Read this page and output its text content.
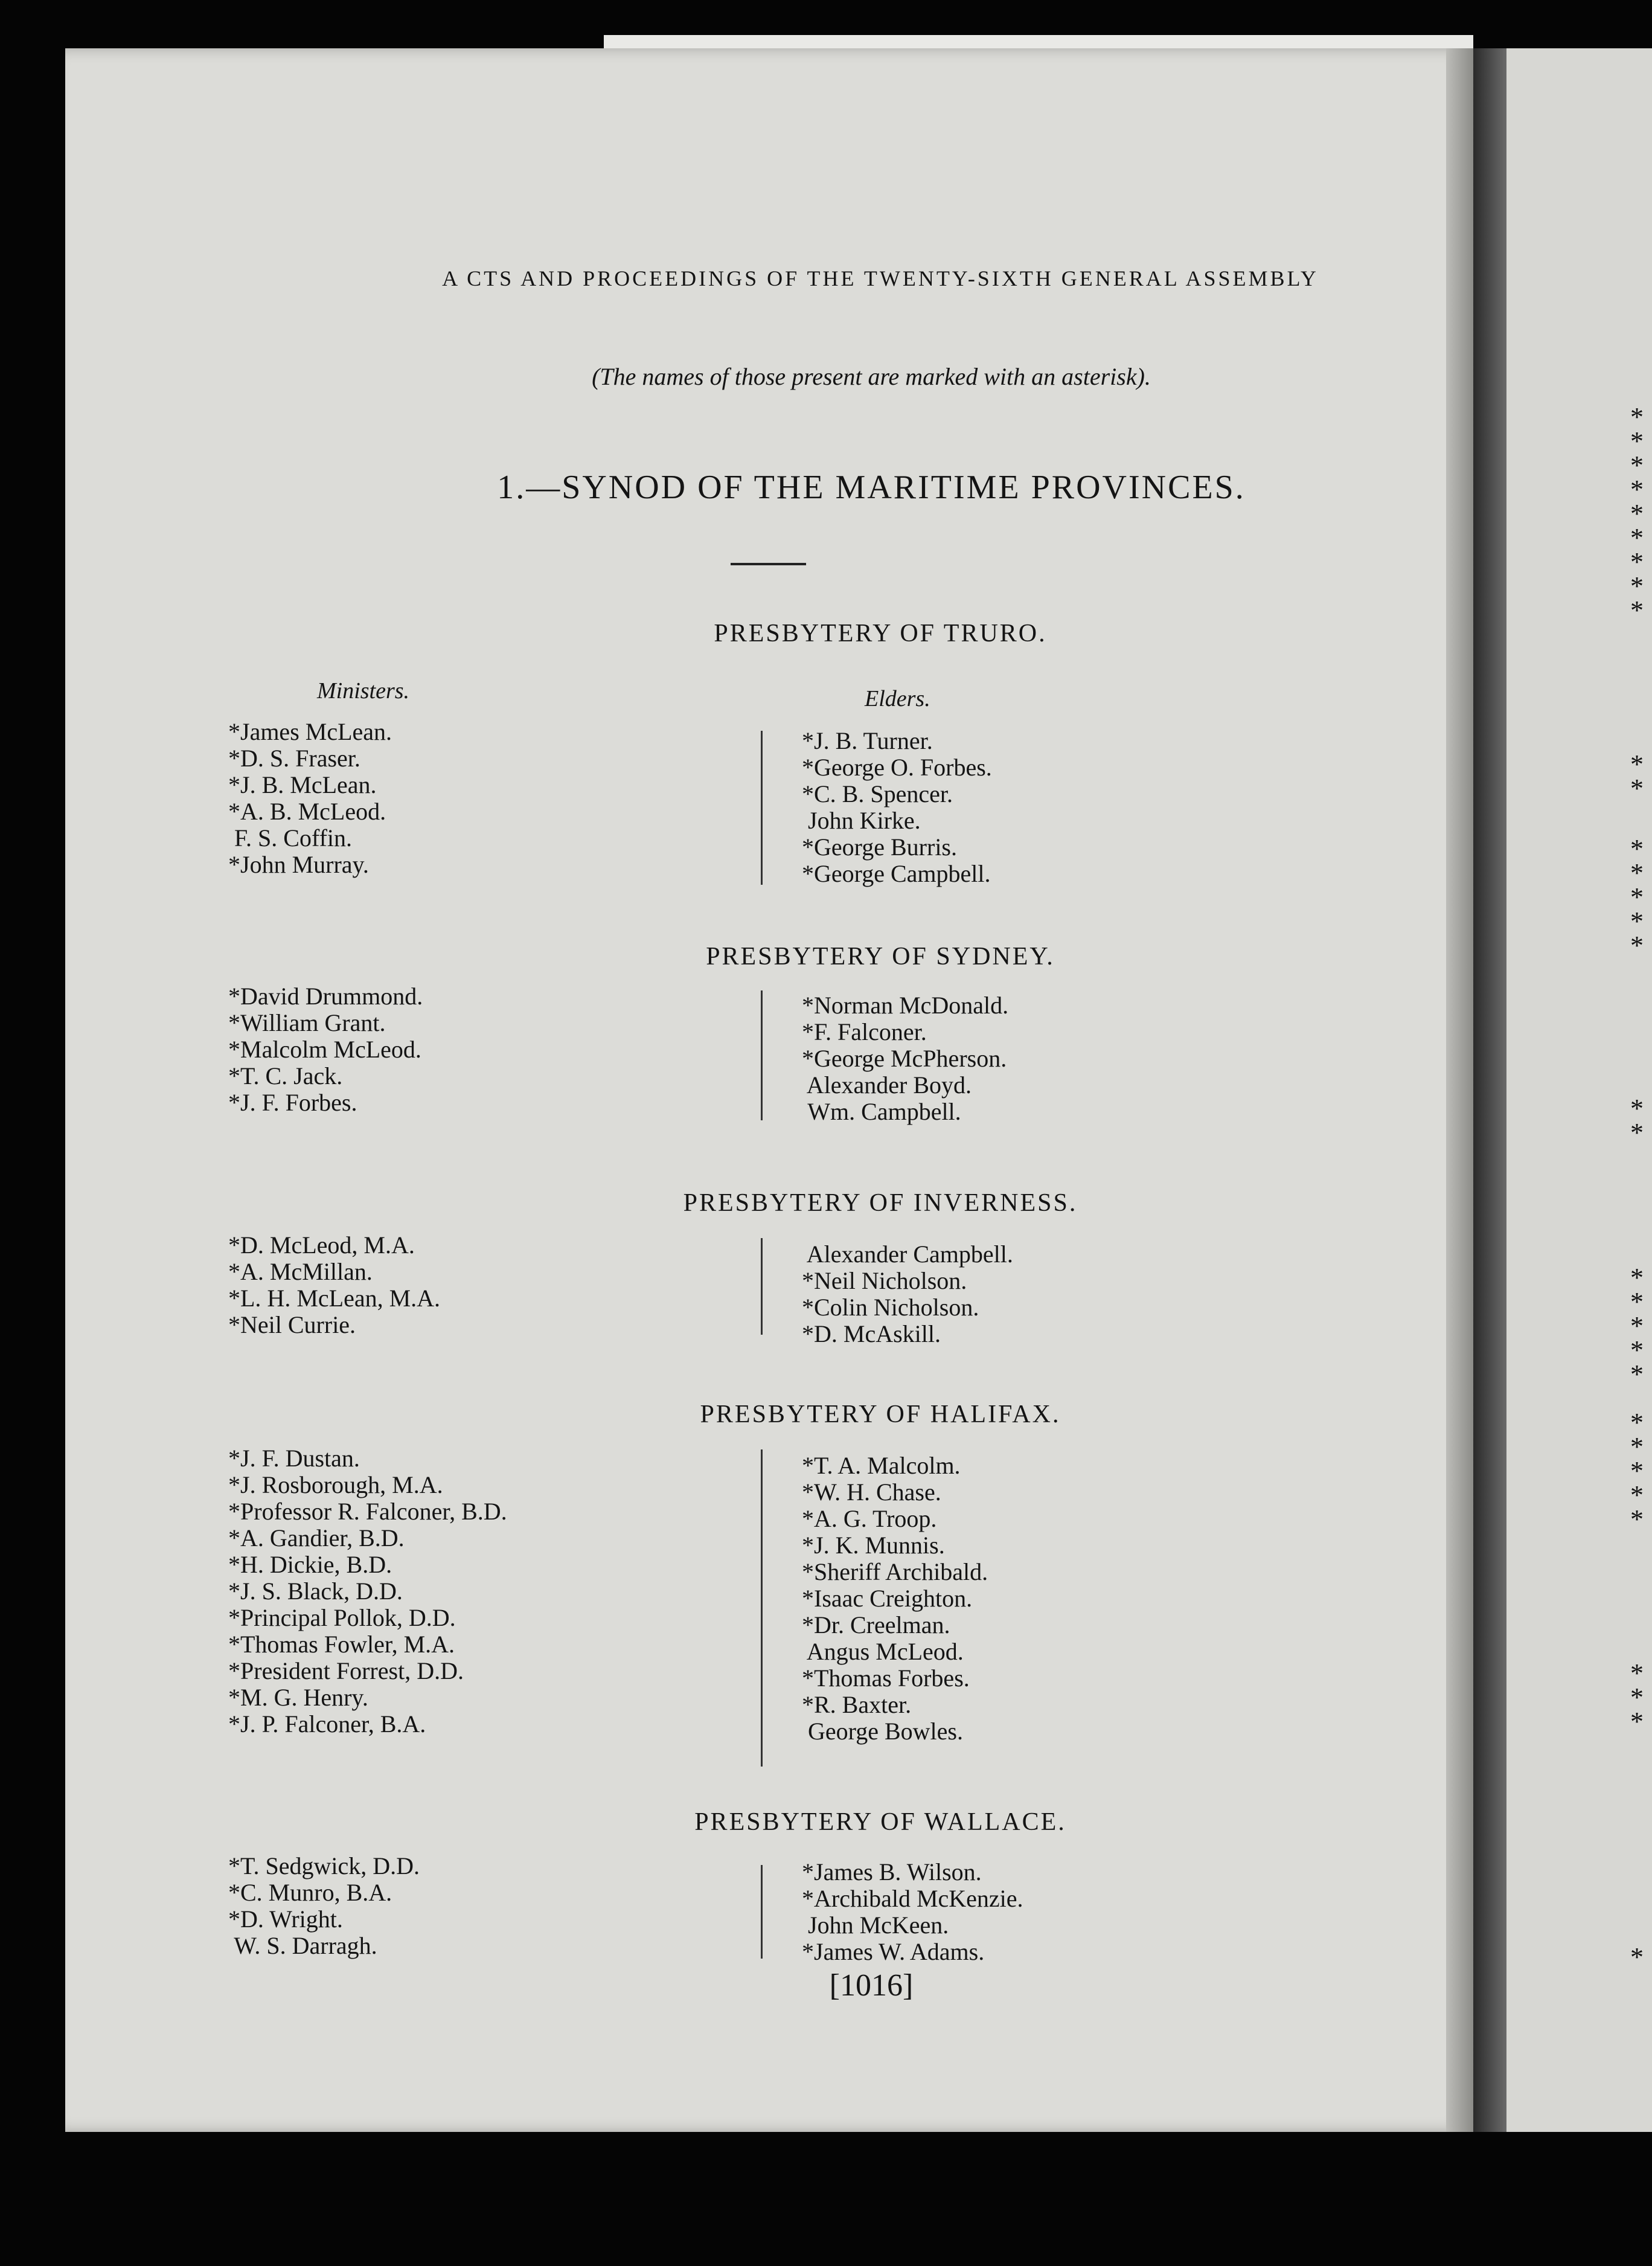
*
*
*
*
*
*
*
*
*
*
*
*
*
*
*
*
*
*
*
*
*
*
*
*
*
*
*
*
*
*
*
*
A CTS AND PROCEEDINGS OF THE TWENTY-SIXTH GENERAL ASSEMBLY
(The names of those present are marked with an asterisk).
1.—SYNOD OF THE MARITIME PROVINCES.
Ministers.	Elders.
PRESBYTERY OF TRURO.
*James McLean.
*D. S. Fraser.
*J. B. McLean.
*A. B. McLeod.
F. S. Coffin.
*John Murray.
*J. B. Turner.
*George O. Forbes.
*C. B. Spencer.
John Kirke.
*George Burris.
*George Campbell.
PRESBYTERY OF SYDNEY.
*David Drummond.
*William Grant.
*Malcolm McLeod.
*T. C. Jack.
*J. F. Forbes.
*Norman McDonald.
*F. Falconer.
*George McPherson.
Alexander Boyd.
Wm. Campbell.
PRESBYTERY OF INVERNESS.
*D. McLeod, M.A.
*A. McMillan.
*L. H. McLean, M.A.
*Neil Currie.
Alexander Campbell.
*Neil Nicholson.
*Colin Nicholson.
*D. McAskill.
PRESBYTERY OF HALIFAX.
*J. F. Dustan.
*J. Rosborough, M.A.
*Professor R. Falconer, B.D.
*A. Gandier, B.D.
*H. Dickie, B.D.
*J. S. Black, D.D.
*Principal Pollok, D.D.
*Thomas Fowler, M.A.
*President Forrest, D.D.
*M. G. Henry.
*J. P. Falconer, B.A.
*T. A. Malcolm.
*W. H. Chase.
*A. G. Troop.
*J. K. Munnis.
*Sheriff Archibald.
*Isaac Creighton.
*Dr. Creelman.
Angus McLeod.
*Thomas Forbes.
*R. Baxter.
George Bowles.
PRESBYTERY OF WALLACE.
*T. Sedgwick, D.D.
*C. Munro, B.A.
*D. Wright.
W. S. Darragh.
*James B. Wilson.
*Archibald McKenzie.
John McKeen.
*James W. Adams.
[1016]
